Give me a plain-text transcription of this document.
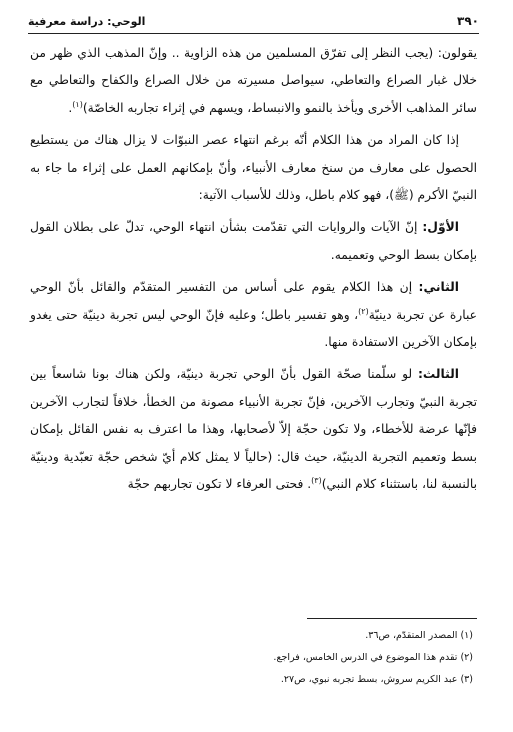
٣٩٠
الوحي: دراسة معرفية

يقولون: (يجب النظر إلى تفرّق المسلمين من هذه الزاوية .. وإنّ المذهب الذي ظهر من خلال غبار الصراع والتعاطي، سيواصل مسيرته من خلال الصراع والكفاح والتعاطي مع سائر المذاهب الأخرى ويأخذ بالنمو والانبساط، ويسهم في إثراء تجاربه الخاصّة)$^{(١)}$.

إذا كان المراد من هذا الكلام أنّه برغم انتهاء عصر النبوّات لا يزال هناك من يستطيع الحصول على معارف من سنخ معارف الأنبياء، وأنّ بإمكانهم العمل على إثراء ما جاء به النبيّ الأكرم (ﷺ)، فهو كلام باطل، وذلك للأسباب الآتية:

الأوّل: إنّ الآيات والروايات التي تقدّمت بشأن انتهاء الوحي، تدلّ على بطلان القول بإمكان بسط الوحي وتعميمه.

الثاني: إن هذا الكلام يقوم على أساس من التفسير المتقدّم والقائل بأنّ الوحي عبارة عن تجربة دينيّة$^{(٢)}$، وهو تفسير باطل؛ وعليه فإنّ الوحي ليس تجربة دينيّة حتى يغدو بإمكان الآخرين الاستفادة منها.

الثالث: لو سلّمنا صحّة القول بأنّ الوحي تجربة دينيّة، ولكن هناك بونا شاسعاً بين تجربة النبيّ وتجارب الآخرين، فإنّ تجربة الأنبياء مصونة من الخطأ، خلافاً لتجارب الآخرين فإنّها عرضة للأخطاء، ولا تكون حجّة إلاّ لأصحابها، وهذا ما اعترف به نفس القائل بإمكان بسط وتعميم التجربة الدينيّة، حيث قال: (حالياً لا يمثل كلام أيّ شخص حجّة تعبّدية ودينيّة بالنسبة لنا، باستثناء كلام النبي)$^{(٣)}$. فحتى العرفاء لا تكون تجاربهم حجّة

(١) المصدر المتقدّم، ص٣٦.
(٢) تقدم هذا الموضوع في الدرس الخامس، فراجع.
(٣) عبد الكريم سروش، بسط تجربه نبوي، ص٢٧.
